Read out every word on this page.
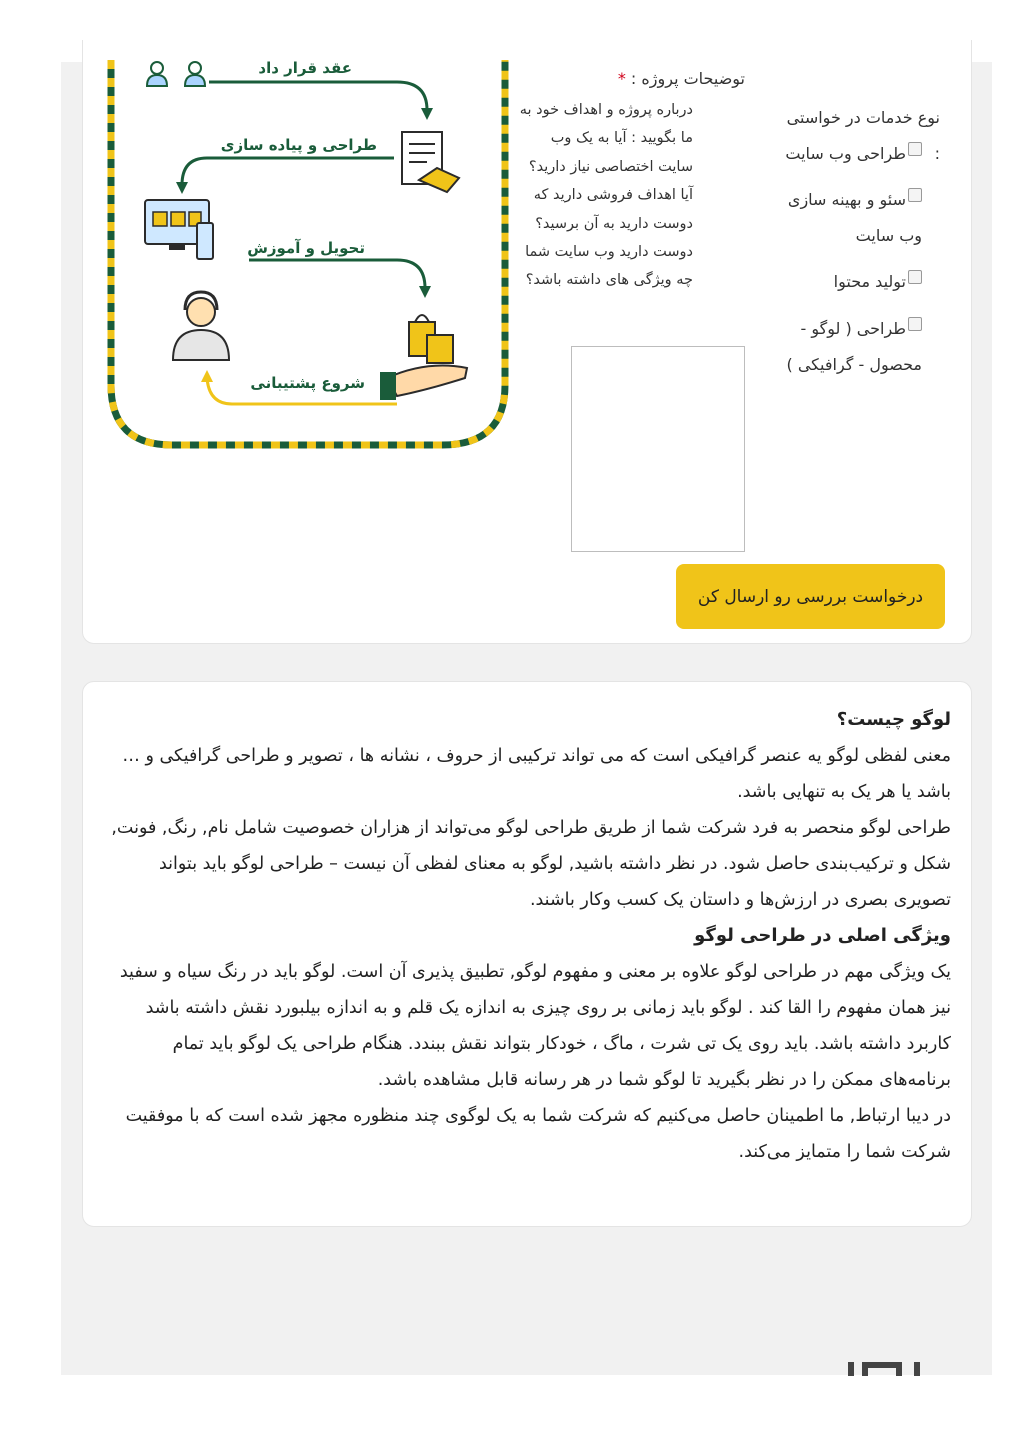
نوع خدمات در خواستی
:
طراحی وب سایت
سئو و بهینه سازی وب سایت
تولید محتوا
طراحی ( لوگو - محصول - گرافیکی )
توضیحات پروژه : *
درباره پروژه و اهداف خود به ما بگویید : آیا به یک وب سایت اختصاصی نیاز دارید؟ آیا اهداف فروشی دارید که دوست دارید به آن برسید؟ دوست دارید وب سایت شما چه ویژگی های داشته باشد؟
عقد قرار داد
طراحی و پیاده سازی
تحویل و آموزش
شروع پشتیبانی
درخواست بررسی رو ارسال کن
لوگو چیست؟

معنی لفظی لوگو یه عنصر گرافیکی است که می تواند ترکیبی از حروف ، نشانه ها ، تصویر و طراحی گرافیکی و … باشد یا هر یک به تنهایی باشد.

طراحی لوگو منحصر به فرد شرکت شما از طریق طراحی لوگو می‌تواند از هزاران خصوصیت شامل نام, رنگ, فونت, شکل و ترکیب‌بندی حاصل شود. در نظر داشته باشید, لوگو به معنای لفظی آن نیست – طراحی لوگو باید بتواند تصویری بصری در ارزش‌ها و داستان یک کسب وکار باشند.

ویژگی اصلی در طراحی لوگو

یک ویژگی مهم در طراحی لوگو علاوه بر معنی و مفهوم لوگو, تطبیق پذیری آن است. لوگو باید در رنگ سیاه و سفید نیز همان مفهوم را القا کند . لوگو باید زمانی بر روی چیزی به اندازه یک قلم و به اندازه بیلبورد نقش داشته باشد کاربرد داشته باشد. باید روی یک تی شرت ، ماگ ، خودکار بتواند نقش ببندد. هنگام طراحی یک لوگو باید تمام برنامه‌های ممکن را در نظر بگیرید تا لوگو شما در هر رسانه قابل مشاهده باشد.

در دیبا ارتباط, ما اطمینان حاصل می‌کنیم که شرکت شما به یک لوگوی چند منظوره مجهز شده است که با موفقیت شرکت شما را متمایز می‌کند.
